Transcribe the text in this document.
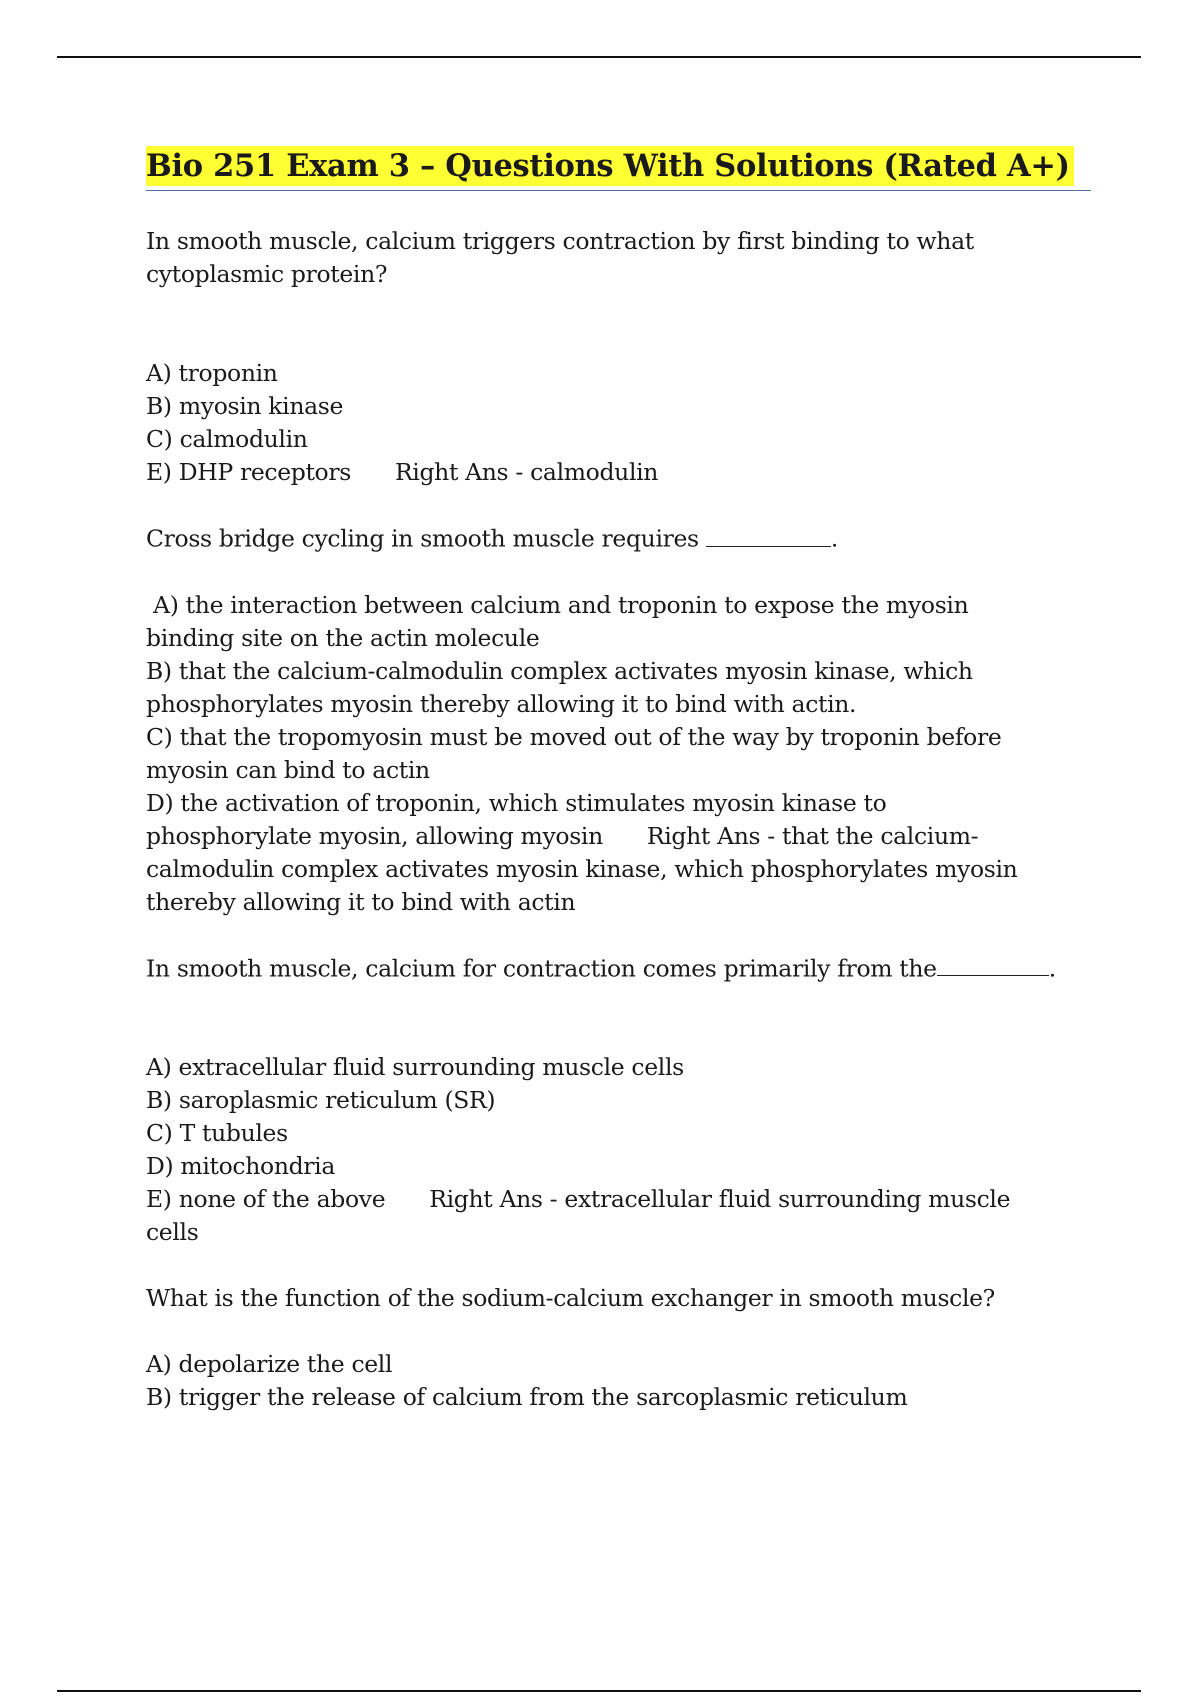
Bio 251 Exam 3 – Questions With Solutions (Rated A+)

In smooth muscle, calcium triggers contraction by first binding to what

cytoplasmic protein?

A) troponin

B) myosin kinase

C) calmodulin

E) DHP receptors Right Ans - calmodulin

Cross bridge cycling in smooth muscle requires	.

A) the interaction between calcium and troponin to expose the myosin

binding site on the actin molecule

B) that the calcium-calmodulin complex activates myosin kinase, which

phosphorylates myosin thereby allowing it to bind with actin.

C) that the tropomyosin must be moved out of the way by troponin before

myosin can bind to actin

D) the activation of troponin, which stimulates myosin kinase to

phosphorylate myosin, allowing myosin Right Ans - that the calcium-

calmodulin complex activates myosin kinase, which phosphorylates myosin

thereby allowing it to bind with actin

In smooth muscle, calcium for contraction comes primarily from the	.

A) extracellular fluid surrounding muscle cells

B) saroplasmic reticulum (SR)

C) T tubules

D) mitochondria

E) none of the above Right Ans - extracellular fluid surrounding muscle

cells

What is the function of the sodium-calcium exchanger in smooth muscle?

A) depolarize the cell

B) trigger the release of calcium from the sarcoplasmic reticulum
